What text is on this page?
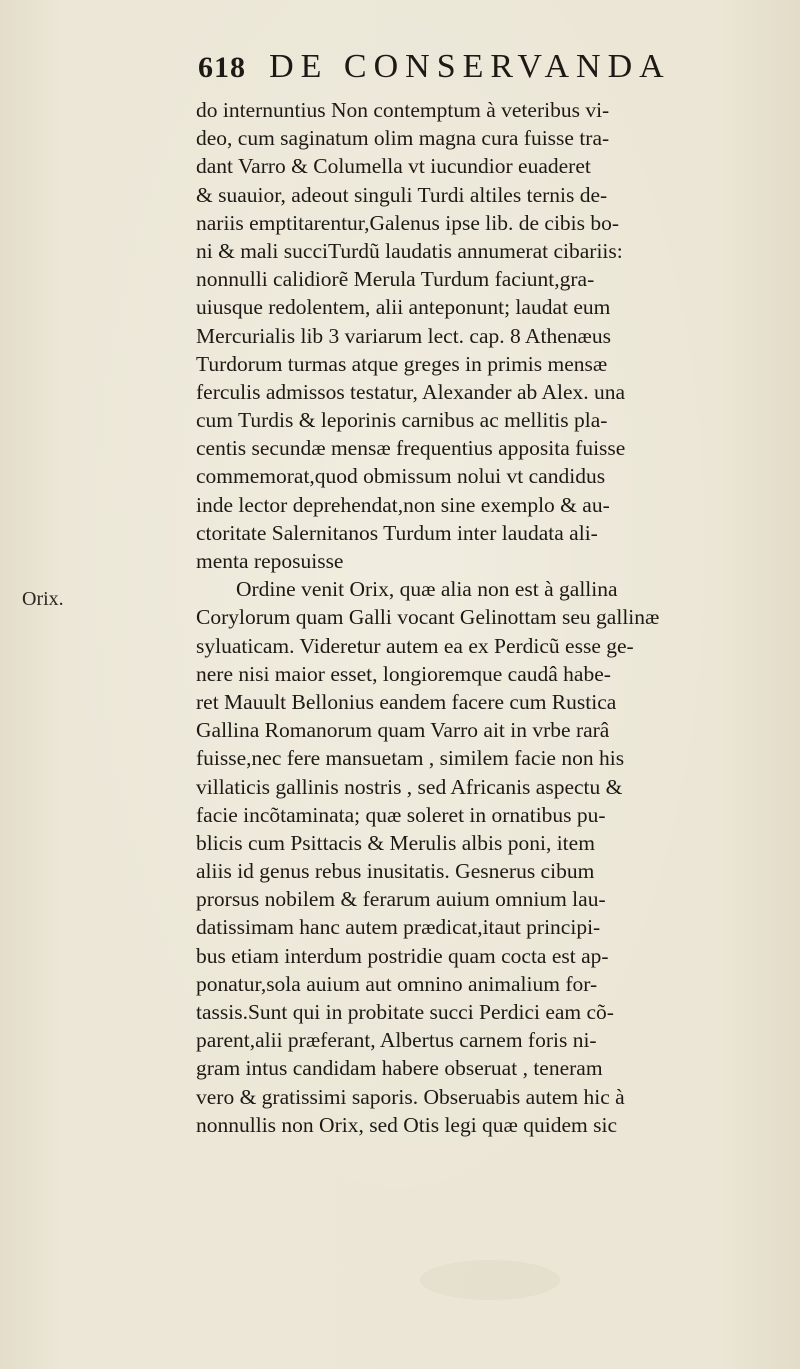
618 DE CONSERVANDA
Orix.
do internuntius Non contemptum à veteribus vi-
deo, cum saginatum olim magna cura fuisse tra-
dant Varro & Columella vt iucundior euaderet
& suauior, adeout singuli Turdi altiles ternis de-
nariis emptitarentur,Galenus ipse lib. de cibis bo-
ni & mali succiTurdũ laudatis annumerat cibariis:
nonnulli calidiorẽ Merula Turdum faciunt,gra-
uiusque redolentem, alii anteponunt; laudat eum
Mercurialis lib 3 variarum lect. cap. 8 Athenæus
Turdorum turmas atque greges in primis mensæ
ferculis admissos testatur, Alexander ab Alex. una
cum Turdis & leporinis carnibus ac mellitis pla-
centis secundæ mensæ frequentius apposita fuisse
commemorat,quod obmissum nolui vt candidus
inde lector deprehendat,non sine exemplo & au-
ctoritate Salernitanos Turdum inter laudata ali-
menta reposuisse
Ordine venit Orix, quæ alia non est à gallina
Corylorum quam Galli vocant Gelinottam seu gallinæ
syluaticam. Videretur autem ea ex Perdicũ esse ge-
nere nisi maior esset, longioremque caudâ habe-
ret Mauult Bellonius eandem facere cum Rustica
Gallina Romanorum quam Varro ait in vrbe rarâ
fuisse,nec fere mansuetam , similem facie non his
villaticis gallinis nostris , sed Africanis aspectu &
facie incõtaminata; quæ soleret in ornatibus pu-
blicis cum Psittacis & Merulis albis poni, item
aliis id genus rebus inusitatis. Gesnerus cibum
prorsus nobilem & ferarum auium omnium lau-
datissimam hanc autem prædicat,itaut principi-
bus etiam interdum postridie quam cocta est ap-
ponatur,sola auium aut omnino animalium for-
tassis.Sunt qui in probitate succi Perdici eam cõ-
parent,alii præferant, Albertus carnem foris ni-
gram intus candidam habere obseruat , teneram
vero & gratissimi saporis. Obseruabis autem hic à
nonnullis non Orix, sed Otis legi quæ quidem sic
